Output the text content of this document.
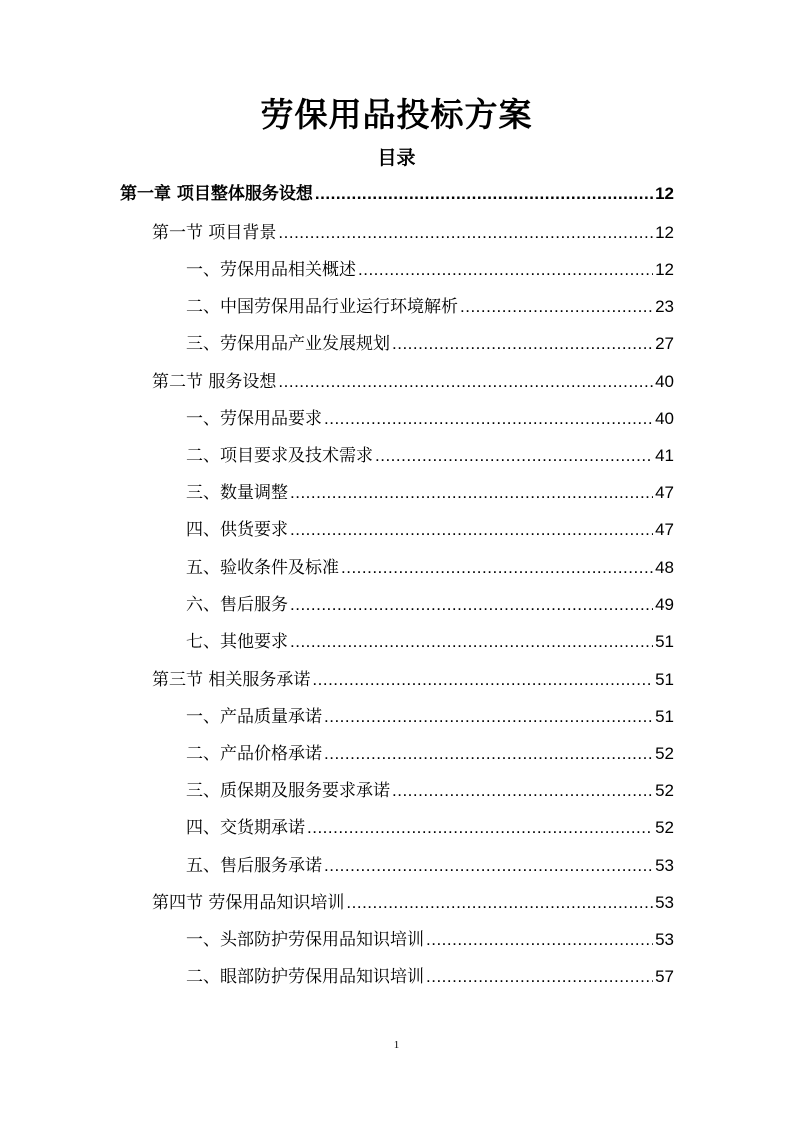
劳保用品投标方案
目录
第一章 项目整体服务设想 .....	12
第一节 项目背景 .....	12
一、劳保用品相关概述 .....	12
二、中国劳保用品行业运行环境解析 .....	23
三、劳保用品产业发展规划 .....	27
第二节 服务设想 .....	40
一、劳保用品要求 .....	40
二、项目要求及技术需求 .....	41
三、数量调整 .....	47
四、供货要求 .....	47
五、验收条件及标准 .....	48
六、售后服务 .....	49
七、其他要求 .....	51
第三节 相关服务承诺 .....	51
一、产品质量承诺 .....	51
二、产品价格承诺 .....	52
三、质保期及服务要求承诺 .....	52
四、交货期承诺 .....	52
五、售后服务承诺 .....	53
第四节 劳保用品知识培训 .....	53
一、头部防护劳保用品知识培训 .....	53
二、眼部防护劳保用品知识培训 .....	57
1
